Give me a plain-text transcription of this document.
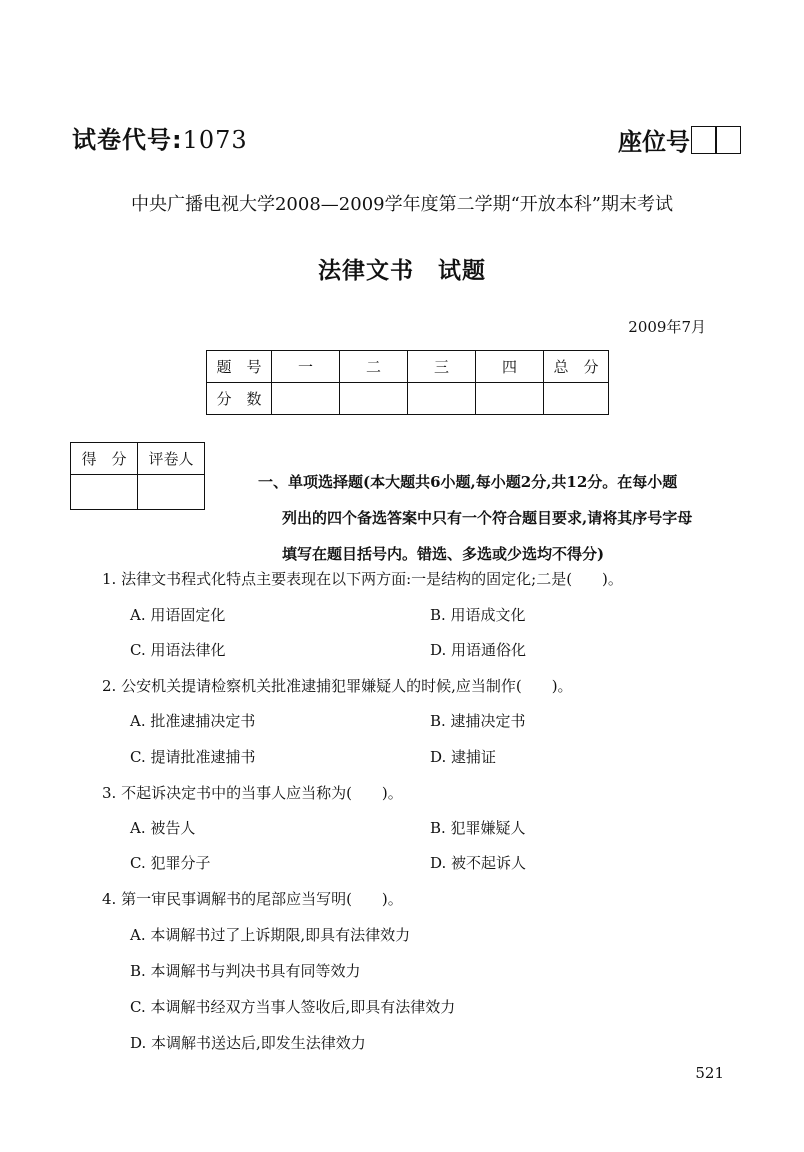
试卷代号:1073	座位号
中央广播电视大学2008—2009学年度第二学期“开放本科”期末考试
法律文书　试题
2009年7月
题　号	一	二	三	四	总　分
分　数					
得　分	评卷人

一、单项选择题(本大题共6小题,每小题2分,共12分。在每小题
列出的四个备选答案中只有一个符合题目要求,请将其序号字母
填写在题目括号内。错选、多选或少选均不得分)
1. 法律文书程式化特点主要表现在以下两方面:一是结构的固定化;二是(　　)。
A. 用语固定化	B. 用语成文化
C. 用语法律化	D. 用语通俗化
2. 公安机关提请检察机关批准逮捕犯罪嫌疑人的时候,应当制作(　　)。
A. 批准逮捕决定书	B. 逮捕决定书
C. 提请批准逮捕书	D. 逮捕证
3. 不起诉决定书中的当事人应当称为(　　)。
A. 被告人	B. 犯罪嫌疑人
C. 犯罪分子	D. 被不起诉人
4. 第一审民事调解书的尾部应当写明(　　)。
A. 本调解书过了上诉期限,即具有法律效力
B. 本调解书与判决书具有同等效力
C. 本调解书经双方当事人签收后,即具有法律效力
D. 本调解书送达后,即发生法律效力
521
